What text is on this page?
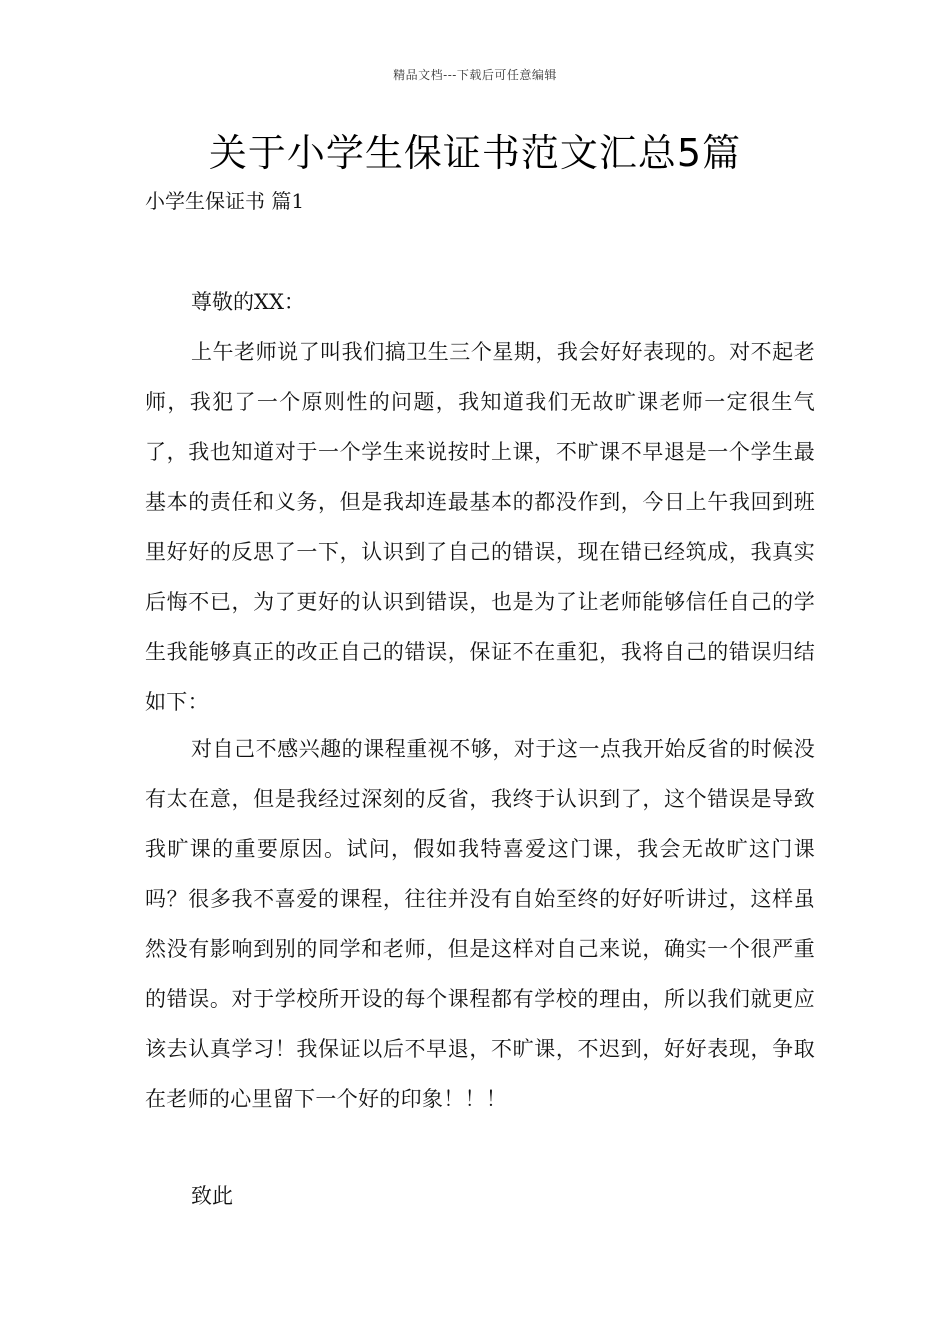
精品文档---下载后可任意编辑
关于小学生保证书范文汇总5篇
小学生保证书 篇1

尊敬的XX：

上午老师说了叫我们搞卫生三个星期，我会好好表现的。对不起老师，我犯了一个原则性的问题，我知道我们无故旷课老师一定很生气了，我也知道对于一个学生来说按时上课，不旷课不早退是一个学生最基本的责任和义务，但是我却连最基本的都没作到，今日上午我回到班里好好的反思了一下，认识到了自己的错误，现在错已经筑成，我真实后悔不已，为了更好的认识到错误，也是为了让老师能够信任自己的学生我能够真正的改正自己的错误，保证不在重犯，我将自己的错误归结如下：

对自己不感兴趣的课程重视不够，对于这一点我开始反省的时候没有太在意，但是我经过深刻的反省，我终于认识到了，这个错误是导致我旷课的重要原因。试问，假如我特喜爱这门课，我会无故旷这门课吗？很多我不喜爱的课程，往往并没有自始至终的好好听讲过，这样虽然没有影响到别的同学和老师，但是这样对自己来说，确实一个很严重的错误。对于学校所开设的每个课程都有学校的理由，所以我们就更应该去认真学习！我保证以后不早退，不旷课，不迟到，好好表现，争取在老师的心里留下一个好的印象！！！

致此
